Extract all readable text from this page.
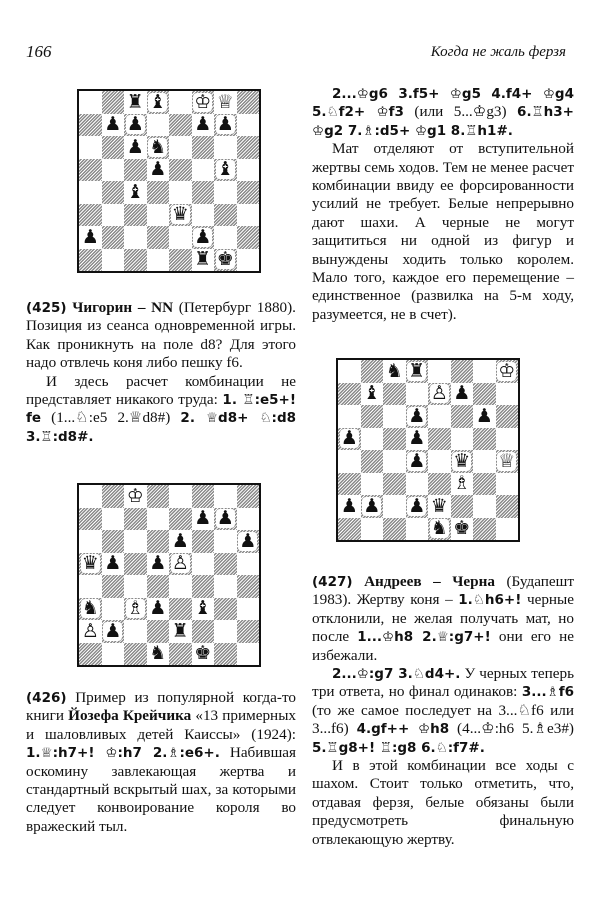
166	Когда не жаль ферзя
♜ ♝ ♔ ♕
♟ ♟	♟ ♟
♟ ♞
♟	♝
♝
♛
♟	♟
♜ ♚
♔
♟ ♟
♟	♟
♛ ♟ ♟ ♙
♞ ♗ ♟ ♝
♙ ♟	♜
♞ ♚
♞ ♜	♔
♝	♙ ♟
♟	♟
♟	♟
♟ ♛ ♕
♗
♟ ♟ ♟ ♛
♞ ♚

(425) Чигорин – NN (Петербург 1880). Позиция из сеанса одновременной игры. Как проникнуть на поле d8? Для этого надо отвлечь коня либо пешку f6.

И здесь расчет комбинации не представляет никакого труда: 1. ♖:e5+! fe (1...♘:e5 2.♕d8#) 2. ♕d8+ ♘:d8 3.♖:d8#.

(426) Пример из популярной когда-то книги Йозефа Крейчика «13 примерных и шаловливых детей Каиссы» (1924): 1.♕:h7+! ♔:h7 2.♗:e6+. Набившая оскомину завлекающая жертва и стандартный вскрытый шах, за которыми следует конвоирование короля во вражеский тыл.

2...♔g6 3.f5+ ♔g5 4.f4+ ♔g4 5.♘f2+ ♔f3 (или 5...♔g3) 6.♖h3+ ♔g2 7.♗:d5+ ♔g1 8.♖h1#.

Мат отделяют от вступительной жертвы семь ходов. Тем не менее расчет комбинации ввиду ее форсированности усилий не требует. Белые непрерывно дают шахи. А черные не могут защититься ни одной из фигур и вынуждены ходить только королем. Мало того, каждое его перемещение – единственное (развилка на 5-м ходу, разумеется, не в счет).

(427) Андреев – Черна (Будапешт 1983). Жертву коня – 1.♘h6+! черные отклонили, не желая получать мат, но после 1...♔h8 2.♕:g7+! они его не избежали.

2...♔:g7 3.♘d4+. У черных теперь три ответа, но финал одинаков: 3...♗f6 (то же самое последует на 3...♘f6 или 3...f6) 4.gf++ ♔h8 (4...♔:h6 5.♗e3#) 5.♖g8+! ♖:g8 6.♘:f7#.

И в этой комбинации все ходы с шахом. Стоит только отметить, что, отдавая ферзя, белые обязаны были предусмотреть финальную отвлекающую жертву.
